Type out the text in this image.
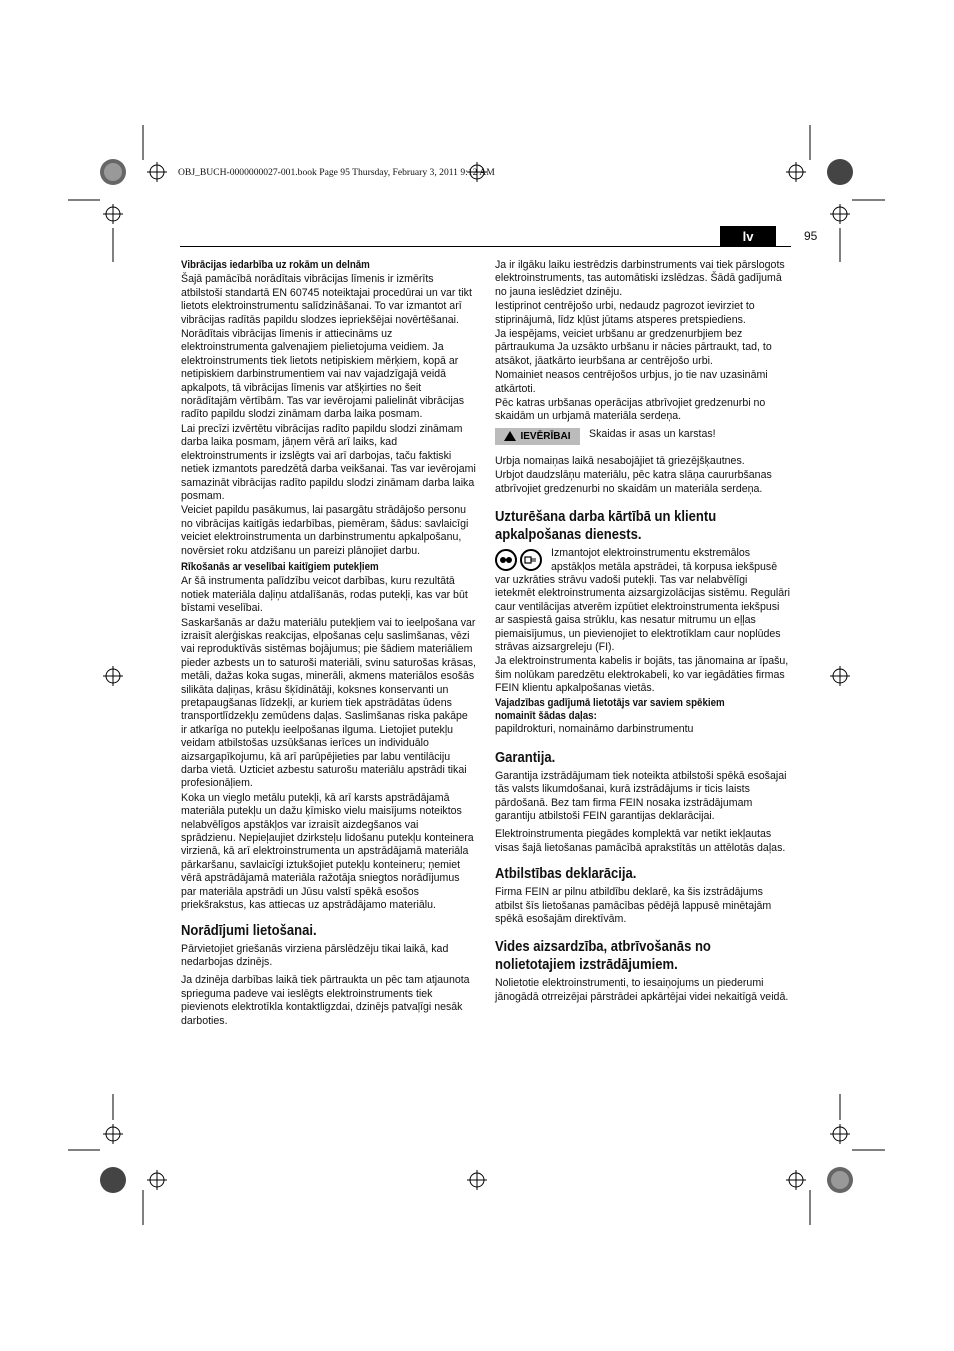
OBJ_BUCH-0000000027-001.book Page 95 Thursday, February 3, 2011 9:12 AM
lv	95

Vibrācijas iedarbība uz rokām un delnām

Šajā pamācībā norādītais vibrācijas līmenis ir izmērīts atbilstoši standartā EN 60745 noteiktajai procedūrai un var tikt lietots elektroinstrumentu salīdzināšanai. To var izmantot arī vibrācijas radītās papildu slodzes iepriekšējai novērtēšanai.

Norādītais vibrācijas līmenis ir attiecināms uz elektroinstrumenta galvenajiem pielietojuma veidiem. Ja elektroinstruments tiek lietots netipiskiem mērķiem, kopā ar netipiskiem darbinstrumentiem vai nav vajadzīgajā veidā apkalpots, tā vibrācijas līmenis var atšķirties no šeit norādītajām vērtībām. Tas var ievērojami palielināt vibrācijas radīto papildu slodzi zināmam darba laika posmam.

Lai precīzi izvērtētu vibrācijas radīto papildu slodzi zināmam darba laika posmam, jāņem vērā arī laiks, kad elektroinstruments ir izslēgts vai arī darbojas, taču faktiski netiek izmantots paredzētā darba veikšanai. Tas var ievērojami samazināt vibrācijas radīto papildu slodzi zināmam darba laika posmam.

Veiciet papildu pasākumus, lai pasargātu strādājošo personu no vibrācijas kaitīgās iedarbības, piemēram, šādus: savlaicīgi veiciet elektroinstrumenta un darbinstrumentu apkalpošanu, novērsiet roku atdzišanu un pareizi plānojiet darbu.

Rīkošanās ar veselībai kaitīgiem putekļiem

Ar šā instrumenta palīdzību veicot darbības, kuru rezultātā notiek materiāla daļiņu atdalīšanās, rodas putekļi, kas var būt bīstami veselībai.

Saskaršanās ar dažu materiālu putekļiem vai to ieelpošana var izraisīt alerģiskas reakcijas, elpošanas ceļu saslimšanas, vēzi vai reproduktīvās sistēmas bojājumus; pie šādiem materiāliem pieder azbests un to saturoši materiāli, svinu saturošas krāsas, metāli, dažas koka sugas, minerāli, akmens materiālos esošās silikāta daļiņas, krāsu šķīdinātāji, koksnes konservanti un pretapaugšanas līdzekļi, ar kuriem tiek apstrādātas ūdens transportlīdzekļu zemūdens daļas. Saslimšanas riska pakāpe ir atkarīga no putekļu ieelpošanas ilguma. Lietojiet putekļu veidam atbilstošas uzsūkšanas ierīces un individuālo aizsargapīkojumu, kā arī parūpējieties par labu ventilāciju darba vietā. Uzticiet azbestu saturošu materiālu apstrādi tikai profesionāļiem.

Koka un vieglo metālu putekļi, kā arī karsts apstrādājamā materiāla putekļu un dažu ķīmisko vielu maisījums noteiktos nelabvēlīgos apstākļos var izraisīt aizdegšanos vai sprādzienu. Nepieļaujiet dzirksteļu lidošanu putekļu konteinera virzienā, kā arī elektroinstrumenta un apstrādājamā materiāla pārkaršanu, savlaicīgi iztukšojiet putekļu konteineru; ņemiet vērā apstrādājamā materiāla ražotāja sniegtos norādījumus par materiāla apstrādi un Jūsu valstī spēkā esošos priekšrakstus, kas attiecas uz apstrādājamo materiālu.

Norādījumi lietošanai.

Pārvietojiet griešanās virziena pārslēdzēju tikai laikā, kad nedarbojas dzinējs.

Ja dzinēja darbības laikā tiek pārtraukta un pēc tam atjaunota sprieguma padeve vai ieslēgts elektroinstruments tiek pievienots elektrotīkla kontaktligzdai, dzinējs patvaļīgi nesāk darboties.

Ja ir ilgāku laiku iestrēdzis darbinstruments vai tiek pārslogots elektroinstruments, tas automātiski izslēdzas. Šādā gadījumā no jauna ieslēdziet dzinēju.

Iestiprinot centrējošo urbi, nedaudz pagrozot ievirziet to stiprinājumā, līdz kļūst jūtams atsperes pretspiediens.

Ja iespējams, veiciet urbšanu ar gredzenurbjiem bez pārtraukuma Ja uzsākto urbšanu ir nācies pārtraukt, tad, to atsākot, jāatkārto ieurbšana ar centrējošo urbi.

Nomainiet neasos centrējošos urbjus, jo tie nav uzasināmi atkārtoti.

Pēc katras urbšanas operācijas atbrīvojiet gredzenurbi no skaidām un urbjamā materiāla serdeņa.

IEVĒRĪBAI Skaidas ir asas un karstas!

Urbja nomaiņas laikā nesabojājiet tā griezējšķautnes.

Urbjot daudzslāņu materiālu, pēc katra slāņa caururbšanas atbrīvojiet gredzenurbi no skaidām un materiāla serdeņa.

Uzturēšana darba kārtībā un klientu
apkalpošanas dienests.

Izmantojot elektroinstrumentu ekstremālos apstākļos metāla apstrādei, tā korpusa iekšpusē var uzkrāties strāvu vadoši putekļi. Tas var nelabvēlīgi ietekmēt elektroinstrumenta aizsargizolācijas sistēmu. Regulāri caur ventilācijas atverēm izpūtiet elektroinstrumenta iekšpusi ar saspiestā gaisa strūklu, kas nesatur mitrumu un eļļas piemaisījumus, un pievienojiet to elektrotīklam caur noplūdes strāvas aizsargreleju (FI).

Ja elektroinstrumenta kabelis ir bojāts, tas jānomaina ar īpašu, šim nolūkam paredzētu elektrokabeli, ko var iegādāties firmas FEIN klientu apkalpošanas vietās.

Vajadzības gadījumā lietotājs var saviem spēkiem

nomainīt šādas daļas:

papildrokturi, nomaināmo darbinstrumentu

Garantija.

Garantija izstrādājumam tiek noteikta atbilstoši spēkā esošajai tās valsts likumdošanai, kurā izstrādājums ir ticis laists pārdošanā. Bez tam firma FEIN nosaka izstrādājumam garantiju atbilstoši FEIN garantijas deklarācijai.

Elektroinstrumenta piegādes komplektā var netikt iekļautas visas šajā lietošanas pamācībā aprakstītās un attēlotās daļas.

Atbilstības deklarācija.

Firma FEIN ar pilnu atbildību deklarē, ka šis izstrādājums atbilst šīs lietošanas pamācības pēdējā lappusē minētajām spēkā esošajām direktīvām.

Vides aizsardzība, atbrīvošanās no
nolietotajiem izstrādājumiem.

Nolietotie elektroinstrumenti, to iesaiņojums un piederumi jānogādā otrreizējai pārstrādei apkārtējai videi nekaitīgā veidā.
